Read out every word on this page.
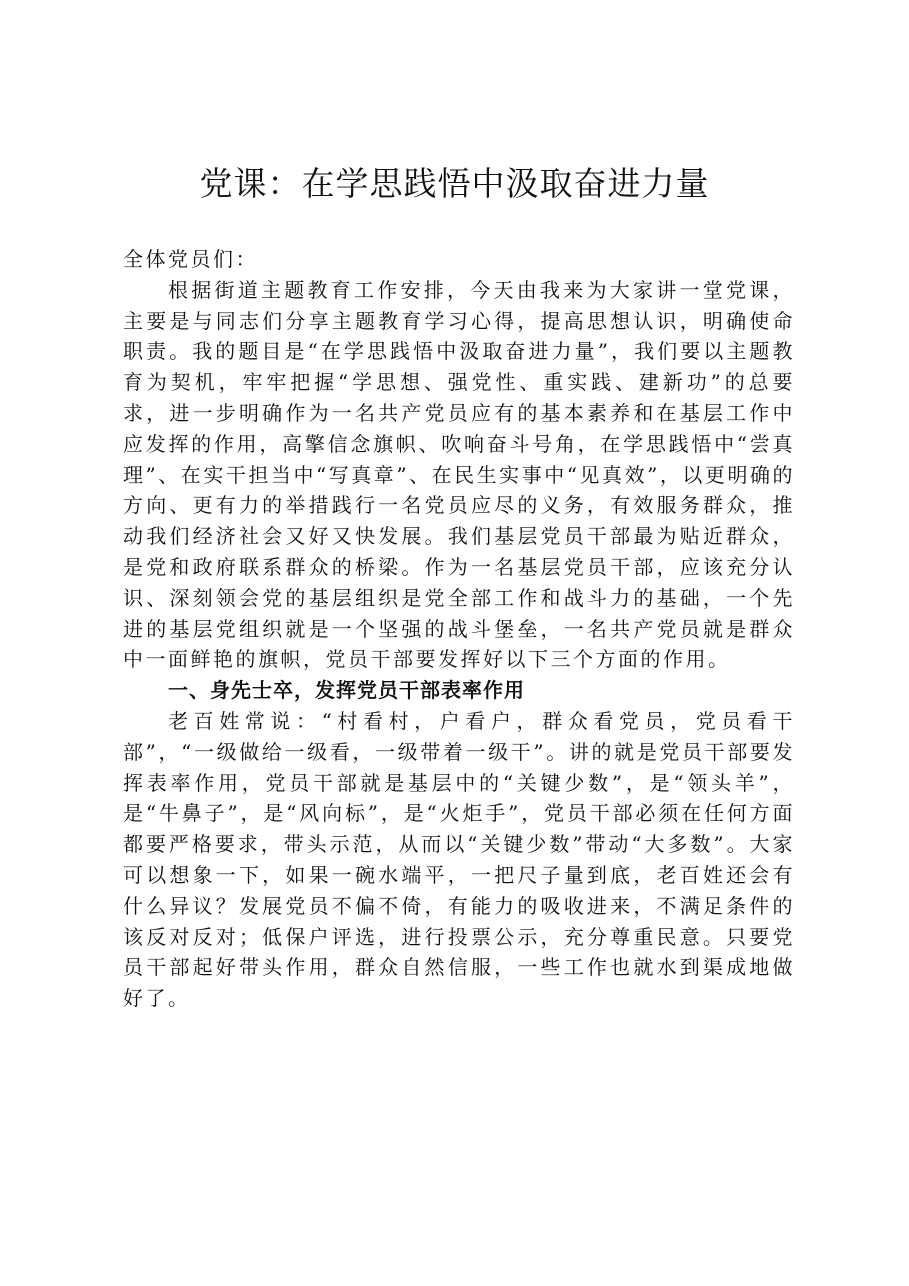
党课：在学思践悟中汲取奋进力量

全体党员们：

根据街道主题教育工作安排，今天由我来为大家讲一堂党课，主要是与同志们分享主题教育学习心得，提高思想认识，明确使命职责。我的题目是“在学思践悟中汲取奋进力量”，我们要以主题教育为契机，牢牢把握“学思想、强党性、重实践、建新功”的总要求，进一步明确作为一名共产党员应有的基本素养和在基层工作中应发挥的作用，高擎信念旗帜、吹响奋斗号角，在学思践悟中“尝真理”、在实干担当中“写真章”、在民生实事中“见真效”，以更明确的方向、更有力的举措践行一名党员应尽的义务，有效服务群众，推动我们经济社会又好又快发展。我们基层党员干部最为贴近群众，是党和政府联系群众的桥梁。作为一名基层党员干部，应该充分认识、深刻领会党的基层组织是党全部工作和战斗力的基础，一个先进的基层党组织就是一个坚强的战斗堡垒，一名共产党员就是群众中一面鲜艳的旗帜，党员干部要发挥好以下三个方面的作用。

一、身先士卒，发挥党员干部表率作用

老百姓常说：“村看村，户看户，群众看党员，党员看干部”，“一级做给一级看，一级带着一级干”。讲的就是党员干部要发挥表率作用，党员干部就是基层中的“关键少数”，是“领头羊”，是“牛鼻子”，是“风向标”，是“火炬手”，党员干部必须在任何方面都要严格要求，带头示范，从而以“关键少数”带动“大多数”。大家可以想象一下，如果一碗水端平，一把尺子量到底，老百姓还会有什么异议？发展党员不偏不倚，有能力的吸收进来，不满足条件的该反对反对；低保户评选，进行投票公示，充分尊重民意。只要党员干部起好带头作用，群众自然信服，一些工作也就水到渠成地做好了。
